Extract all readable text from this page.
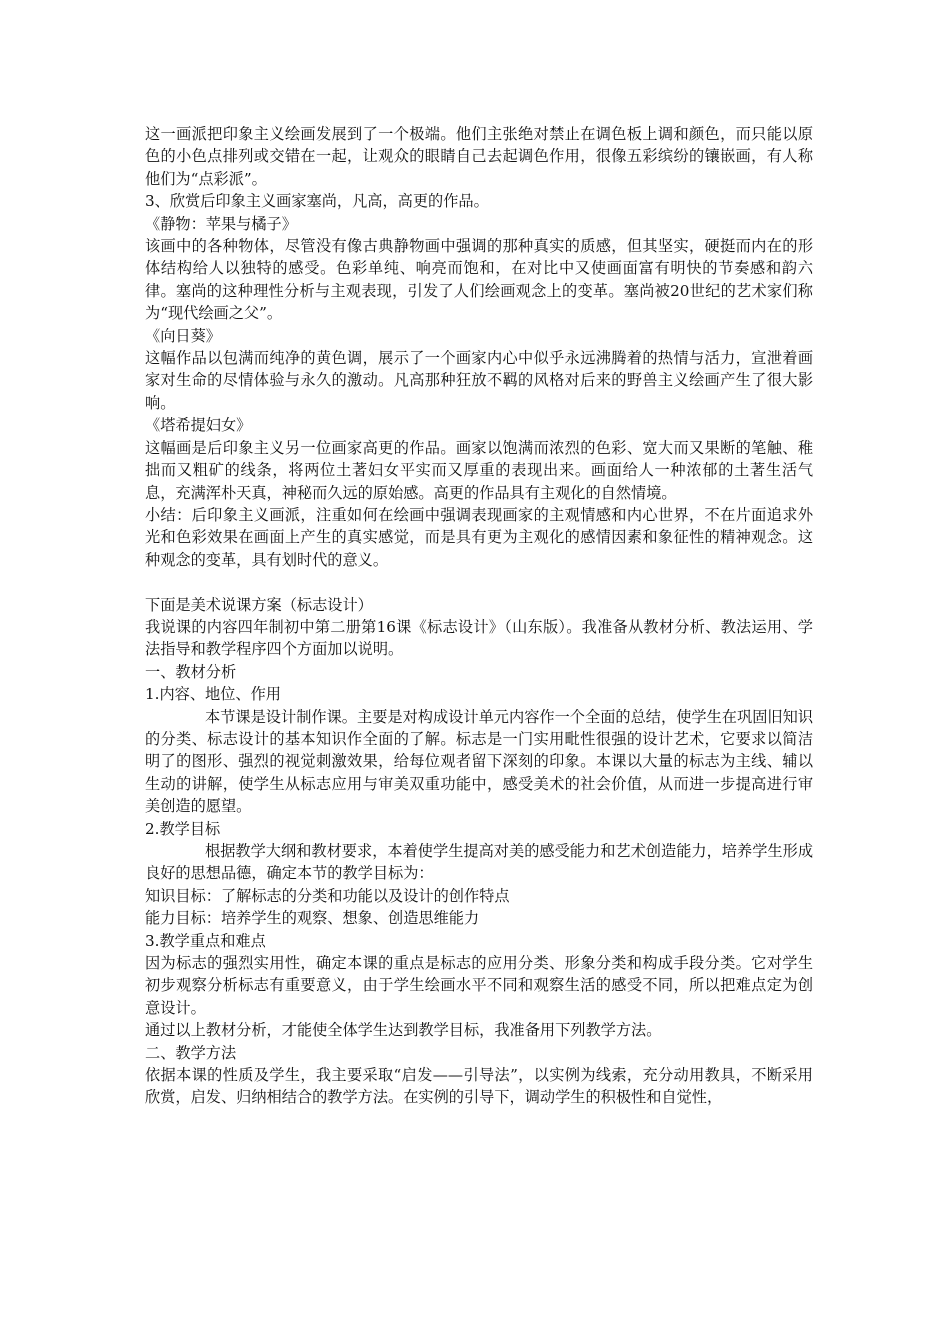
这一画派把印象主义绘画发展到了一个极端。他们主张绝对禁止在调色板上调和颜色，而只能以原色的小色点排列或交错在一起，让观众的眼睛自己去起调色作用，很像五彩缤纷的镶嵌画，有人称他们为“点彩派”。

3、欣赏后印象主义画家塞尚，凡高，高更的作品。

《静物：苹果与橘子》

该画中的各种物体，尽管没有像古典静物画中强调的那种真实的质感，但其坚实，硬挺而内在的形体结构给人以独特的感受。色彩单纯、响亮而饱和，在对比中又使画面富有明快的节奏感和韵六律。塞尚的这种理性分析与主观表现，引发了人们绘画观念上的变革。塞尚被20世纪的艺术家们称为“现代绘画之父”。

《向日葵》

这幅作品以包满而纯净的黄色调，展示了一个画家内心中似乎永远沸腾着的热情与活力，宣泄着画家对生命的尽情体验与永久的激动。凡高那种狂放不羁的风格对后来的野兽主义绘画产生了很大影响。

《塔希提妇女》

这幅画是后印象主义另一位画家高更的作品。画家以饱满而浓烈的色彩、宽大而又果断的笔触、稚拙而又粗矿的线条，将两位土著妇女平实而又厚重的表现出来。画面给人一种浓郁的土著生活气息，充满浑朴天真，神秘而久远的原始感。高更的作品具有主观化的自然情境。

小结：后印象主义画派，注重如何在绘画中强调表现画家的主观情感和内心世界，不在片面追求外光和色彩效果在画面上产生的真实感觉，而是具有更为主观化的感情因素和象征性的精神观念。这种观念的变革，具有划时代的意义。

下面是美术说课方案（标志设计）

我说课的内容四年制初中第二册第16课《标志设计》（山东版）。我准备从教材分析、教法运用、学法指导和教学程序四个方面加以说明。

一、教材分析

1.内容、地位、作用

本节课是设计制作课。主要是对构成设计单元内容作一个全面的总结，使学生在巩固旧知识的分类、标志设计的基本知识作全面的了解。标志是一门实用毗性很强的设计艺术，它要求以简洁明了的图形、强烈的视觉刺激效果，给每位观者留下深刻的印象。本课以大量的标志为主线、辅以生动的讲解，使学生从标志应用与审美双重功能中，感受美术的社会价值，从而进一步提高进行审美创造的愿望。

2.教学目标

根据教学大纲和教材要求，本着使学生提高对美的感受能力和艺术创造能力，培养学生形成良好的思想品德，确定本节的教学目标为：

知识目标：了解标志的分类和功能以及设计的创作特点

能力目标：培养学生的观察、想象、创造思维能力

3.教学重点和难点

因为标志的强烈实用性，确定本课的重点是标志的应用分类、形象分类和构成手段分类。它对学生初步观察分析标志有重要意义，由于学生绘画水平不同和观察生活的感受不同，所以把难点定为创意设计。

通过以上教材分析，才能使全体学生达到教学目标，我准备用下列教学方法。

二、教学方法

依据本课的性质及学生，我主要采取“启发——引导法”，以实例为线索，充分动用教具，不断采用欣赏，启发、归纳相结合的教学方法。在实例的引导下，调动学生的积极性和自觉性，
